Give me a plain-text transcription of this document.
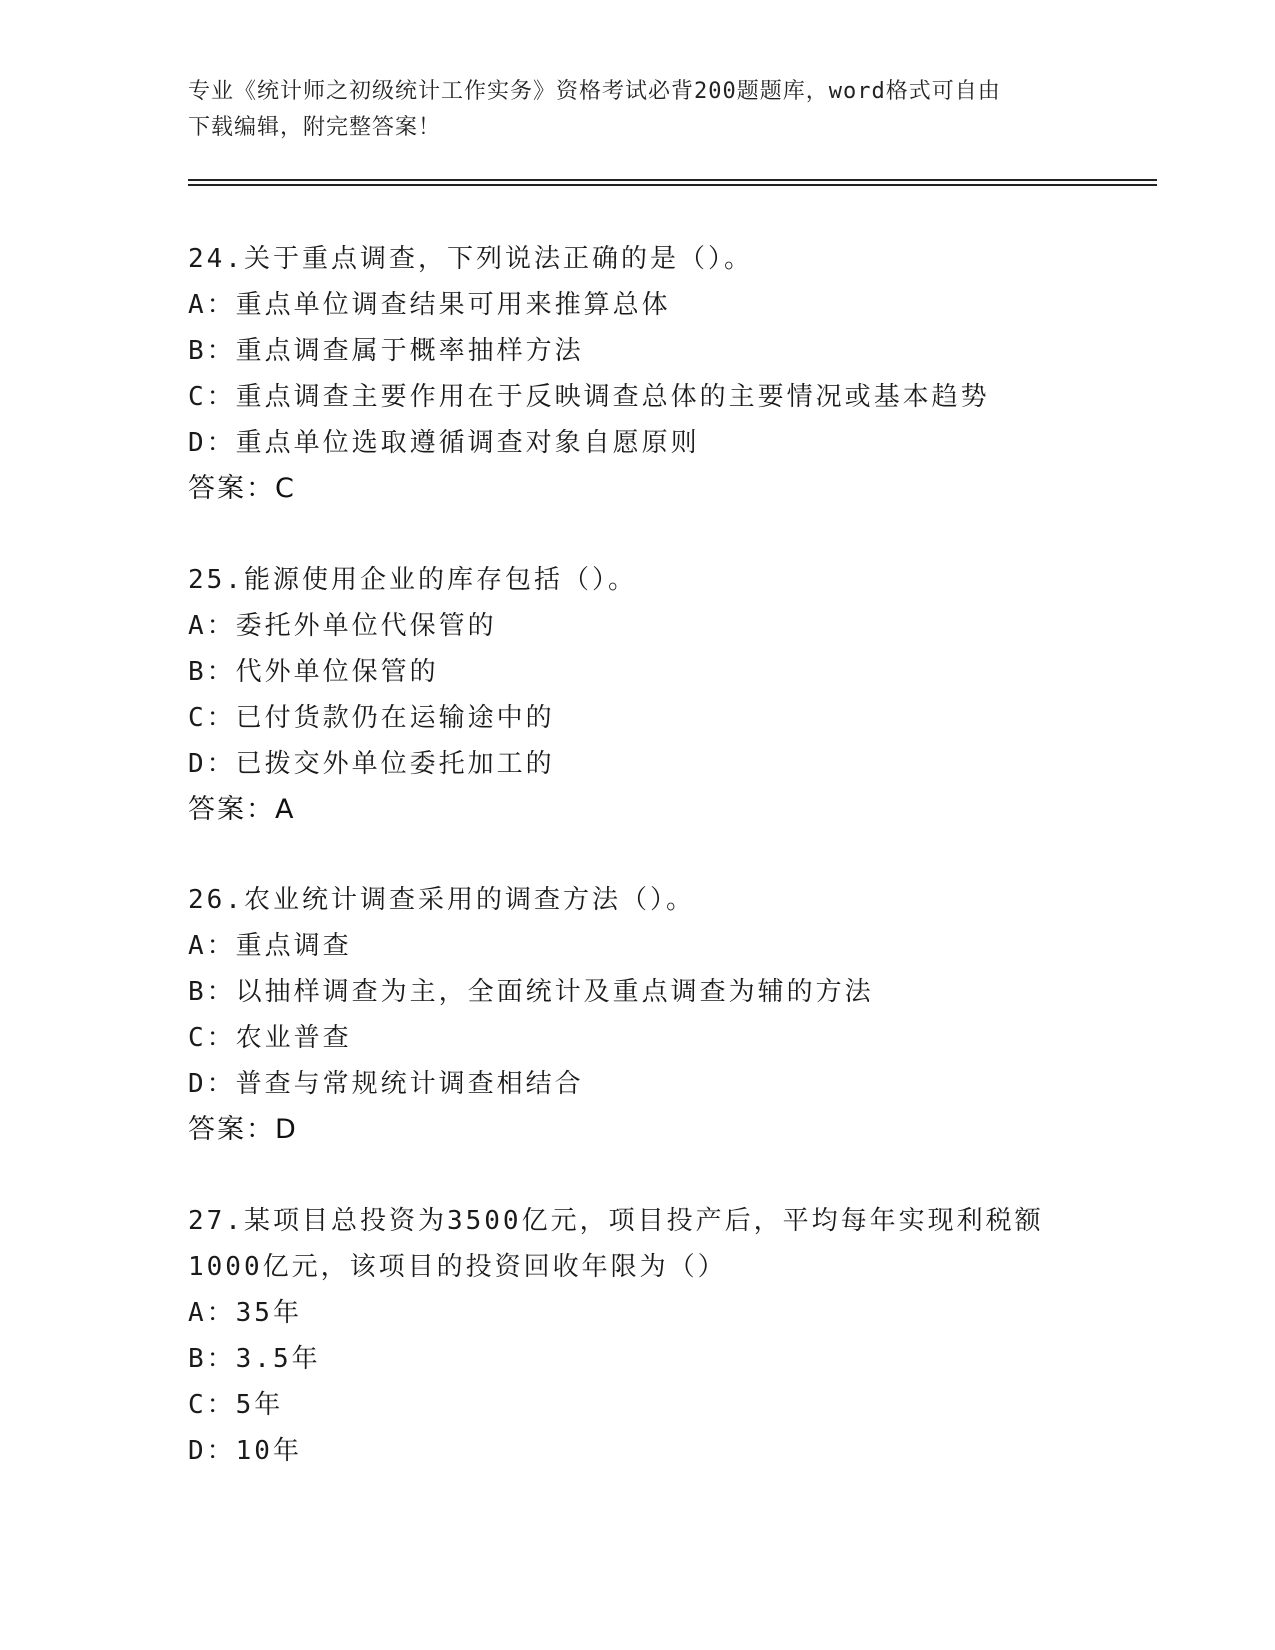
专业《统计师之初级统计工作实务》资格考试必背200题题库，word格式可自由
下载编辑，附完整答案！
24.关于重点调查，下列说法正确的是（）。
A：重点单位调查结果可用来推算总体
B：重点调查属于概率抽样方法
C：重点调查主要作用在于反映调查总体的主要情况或基本趋势
D：重点单位选取遵循调查对象自愿原则
答案：C
25.能源使用企业的库存包括（）。
A：委托外单位代保管的
B：代外单位保管的
C：已付货款仍在运输途中的
D：已拨交外单位委托加工的
答案：A
26.农业统计调查采用的调查方法（）。
A：重点调查
B：以抽样调查为主，全面统计及重点调查为辅的方法
C：农业普查
D：普查与常规统计调查相结合
答案：D
27.某项目总投资为3500亿元，项目投产后，平均每年实现利税额
1000亿元，该项目的投资回收年限为（）
A：35年
B：3.5年
C：5年
D：10年
